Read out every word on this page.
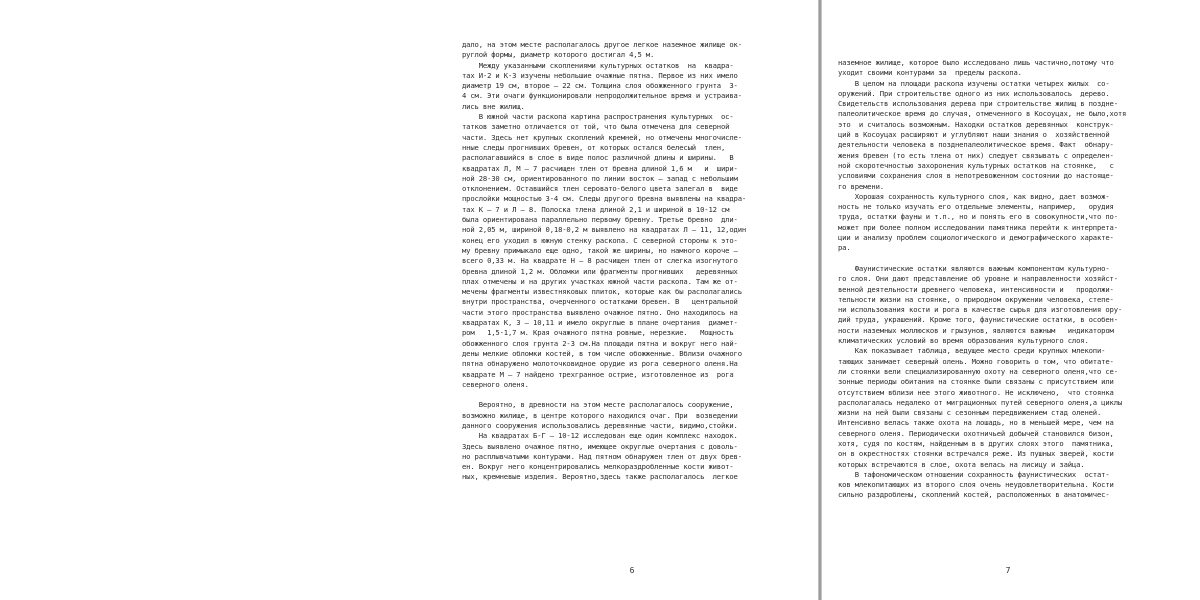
дало, на этом месте располагалось другое легкое наземное жилище ок-
руглой формы, диаметр которого достигал 4,5 м.
Между указанными скоплениями культурных остатков  на  квадра-
тах И-2 и К-3 изучены небольшие очажные пятна. Первое из них имело
диаметр 19 см, второе – 22 см. Толщина слоя обожженного грунта  3-
4 см. Эти очаги функционировали непродолжительное время и устраива-
лись вне жилищ.
В южной части раскопа картина распространения культурных  ос-
татков заметно отличается от той, что была отмечена для северной
части. Здесь нет крупных скоплений кремней, но отмечены многочисле-
нные следы прогнивших бревен, от которых остался белесый  тлен,
располагавшийся в слое в виде полос различной длины и ширины.   В
квадратах Л, М – 7 расчищен тлен от бревна длиной 1,6 м   и  шири-
ной 28-30 см, ориентированного по линии восток – запад с небольшим
отклонением. Оставшийся тлен серовато-белого цвета залегал в  виде
прослойки мощностью 3-4 см. Следы другого бревна выявлены на квадра-
тах К – 7 и Л – 8. Полоска тлена длиной 2,1 и шириной в 10-12 см
была ориентирована параллельно первому бревну. Третье бревно  дли-
ной 2,05 м, шириной 0,18-0,2 м выявлено на квадратах Л – 11, 12,один
конец его уходил в южную стенку раскопа. С северной стороны к это-
му бревну примыкало еще одно, такой же ширины, но намного короче –
всего 0,33 м. На квадрате Н – 8 расчищен тлен от слегка изогнутого
бревна длиной 1,2 м. Обломки или фрагменты прогнивших   деревянных
плах отмечены и на других участках южной части раскопа. Там же от-
мечены фрагменты известняковых плиток, которые как бы располагались
внутри пространства, очерченного остатками бревен. В   центральной
части этого пространства выявлено очажное пятно. Оно находилось на
квадратах К, З – 10,11 и имело округлые в плане очертания  диамет-
ром   1,5-1,7 м. Края очажного пятна ровные, нерезкие.   Мощность
обожженного слоя грунта 2-3 см.На площади пятна и вокруг него най-
дены мелкие обломки костей, в том числе обожженные. Вблизи очажного
пятна обнаружено молоточковидное орудие из рога северного оленя.На
квадрате М – 7 найдено трехгранное острие, изготовленное из  рога
северного оленя.
Вероятно, в древности на этом месте располагалось сооружение,
возможно жилище, в центре которого находился очаг. При  возведении
данного сооружения использовались деревянные части, видимо,стойки.
На квадратах Б-Г – 10-12 исследован еще один комплекс находок.
Здесь выявлено очажное пятно, имеющее округлые очертания с доволь-
но расплывчатыми контурами. Над пятном обнаружен тлен от двух брев-
ен. Вокруг него концентрировались мелкораздробленные кости живот-
ных, кремневые изделия. Вероятно,здесь также располагалось  легкое
6
наземное жилище, которое было исследовано лишь частично,потому что
уходит своими контурами за  пределы раскопа.
В целом на площади раскопа изучены остатки четырех жилых  со-
оружений. При строительстве одного из них использовалось  дерево.
Свидетельств использования дерева при строительстве жилищ в поздне-
палеолитическое время до случая, отмеченного в Косоуцах, не было,хотя
это  и считалось возможным. Находки остатков деревянных  конструк-
ций в Косоуцах расширяют и углубляют наши знания о  хозяйственной
деятельности человека в позднепалеолитическое время. Факт  обнару-
жения бревен (то есть тлена от них) следует связывать с определен-
ной скоротечностью захоронения культурных остатков на стоянке,   с
условиями сохранения слоя в непотревоженном состоянии до настояще-
го времени.
Хорошая сохранность культурного слоя, как видно, дает возмож-
ность не только изучать его отдельные элементы, например,   орудия
труда, остатки фауны и т.п., но и понять его в совокупности,что по-
может при более полном исследовании памятника перейти к интерпрета-
ции и анализу проблем социологического и демографического характе-
ра.
Фаунистические остатки являются важным компонентом культурно-
го слоя. Они дают представление об уровне и направленности хозяйст-
венной деятельности древнего человека, интенсивности и   продолжи-
тельности жизни на стоянке, о природном окружении человека, степе-
ни использования кости и рога в качестве сырья для изготовления ору-
дий труда, украшений. Кроме того, фаунистические остатки, в особен-
ности наземных моллюсков и грызунов, являются важным   индикатором
климатических условий во время образования культурного слоя.
Как показывает таблица, ведущее место среди крупных млекопи-
тающих занимает северный олень. Можно говорить о том, что обитате-
ли стоянки вели специализированную охоту на северного оленя,что се-
зонные периоды обитания на стоянке были связаны с присутствием или
отсутствием вблизи нее этого животного. Не исключено,  что стоянка
располагалась недалеко от миграционных путей северного оленя,а циклы
жизни на ней были связаны с сезонным передвижением стад оленей.
Интенсивно велась также охота на лошадь, но в меньшей мере, чем на
северного оленя. Периодически охотничьей добычей становился бизон,
хотя, судя по костям, найденным в в других слоях этого  памятника,
он в окрестностях стоянки встречался реже. Из пушных зверей, кости
которых встречаются в слое, охота велась на лисицу и зайца.
В тафономическом отношении сохранность фаунистических  остат-
ков млекопитающих из второго слоя очень неудовлетворительна. Кости
сильно раздроблены, скоплений костей, расположенных в анатомичес-
7
